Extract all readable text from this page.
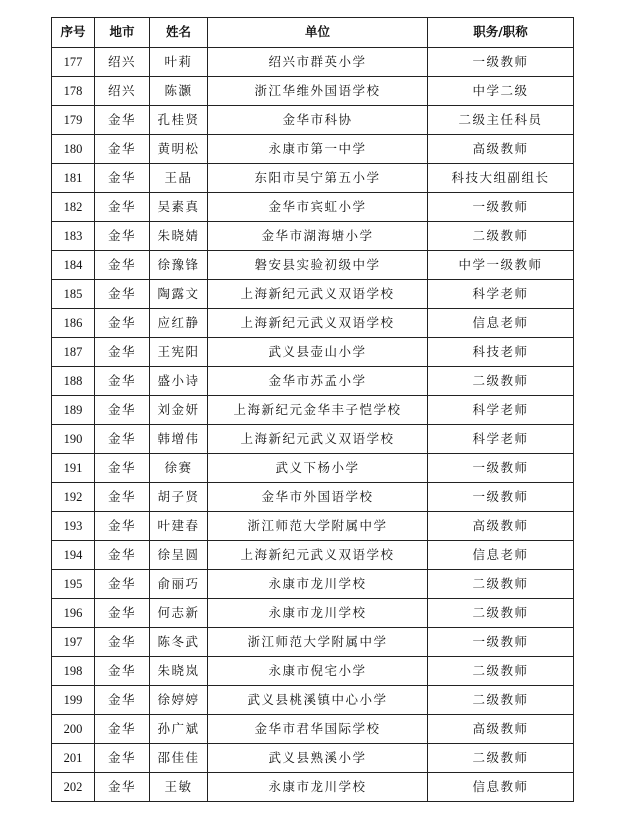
序号	地市	姓名	单位	职务/职称
177	绍兴	叶莉	绍兴市群英小学	一级教师
178	绍兴	陈灏	浙江华维外国语学校	中学二级
179	金华	孔桂贤	金华市科协	二级主任科员
180	金华	黄明松	永康市第一中学	高级教师
181	金华	王晶	东阳市吴宁第五小学	科技大组副组长
182	金华	吴素真	金华市宾虹小学	一级教师
183	金华	朱晓婧	金华市湖海塘小学	二级教师
184	金华	徐豫锋	磐安县实验初级中学	中学一级教师
185	金华	陶露文	上海新纪元武义双语学校	科学老师
186	金华	应红静	上海新纪元武义双语学校	信息老师
187	金华	王宪阳	武义县壶山小学	科技老师
188	金华	盛小诗	金华市苏孟小学	二级教师
189	金华	刘金妍	上海新纪元金华丰子恺学校	科学老师
190	金华	韩增伟	上海新纪元武义双语学校	科学老师
191	金华	徐赛	武义下杨小学	一级教师
192	金华	胡子贤	金华市外国语学校	一级教师
193	金华	叶建春	浙江师范大学附属中学	高级教师
194	金华	徐呈圆	上海新纪元武义双语学校	信息老师
195	金华	俞丽巧	永康市龙川学校	二级教师
196	金华	何志新	永康市龙川学校	二级教师
197	金华	陈冬武	浙江师范大学附属中学	一级教师
198	金华	朱晓岚	永康市倪宅小学	二级教师
199	金华	徐婷婷	武义县桃溪镇中心小学	二级教师
200	金华	孙广斌	金华市君华国际学校	高级教师
201	金华	邵佳佳	武义县熟溪小学	二级教师
202	金华	王敏	永康市龙川学校	信息教师
